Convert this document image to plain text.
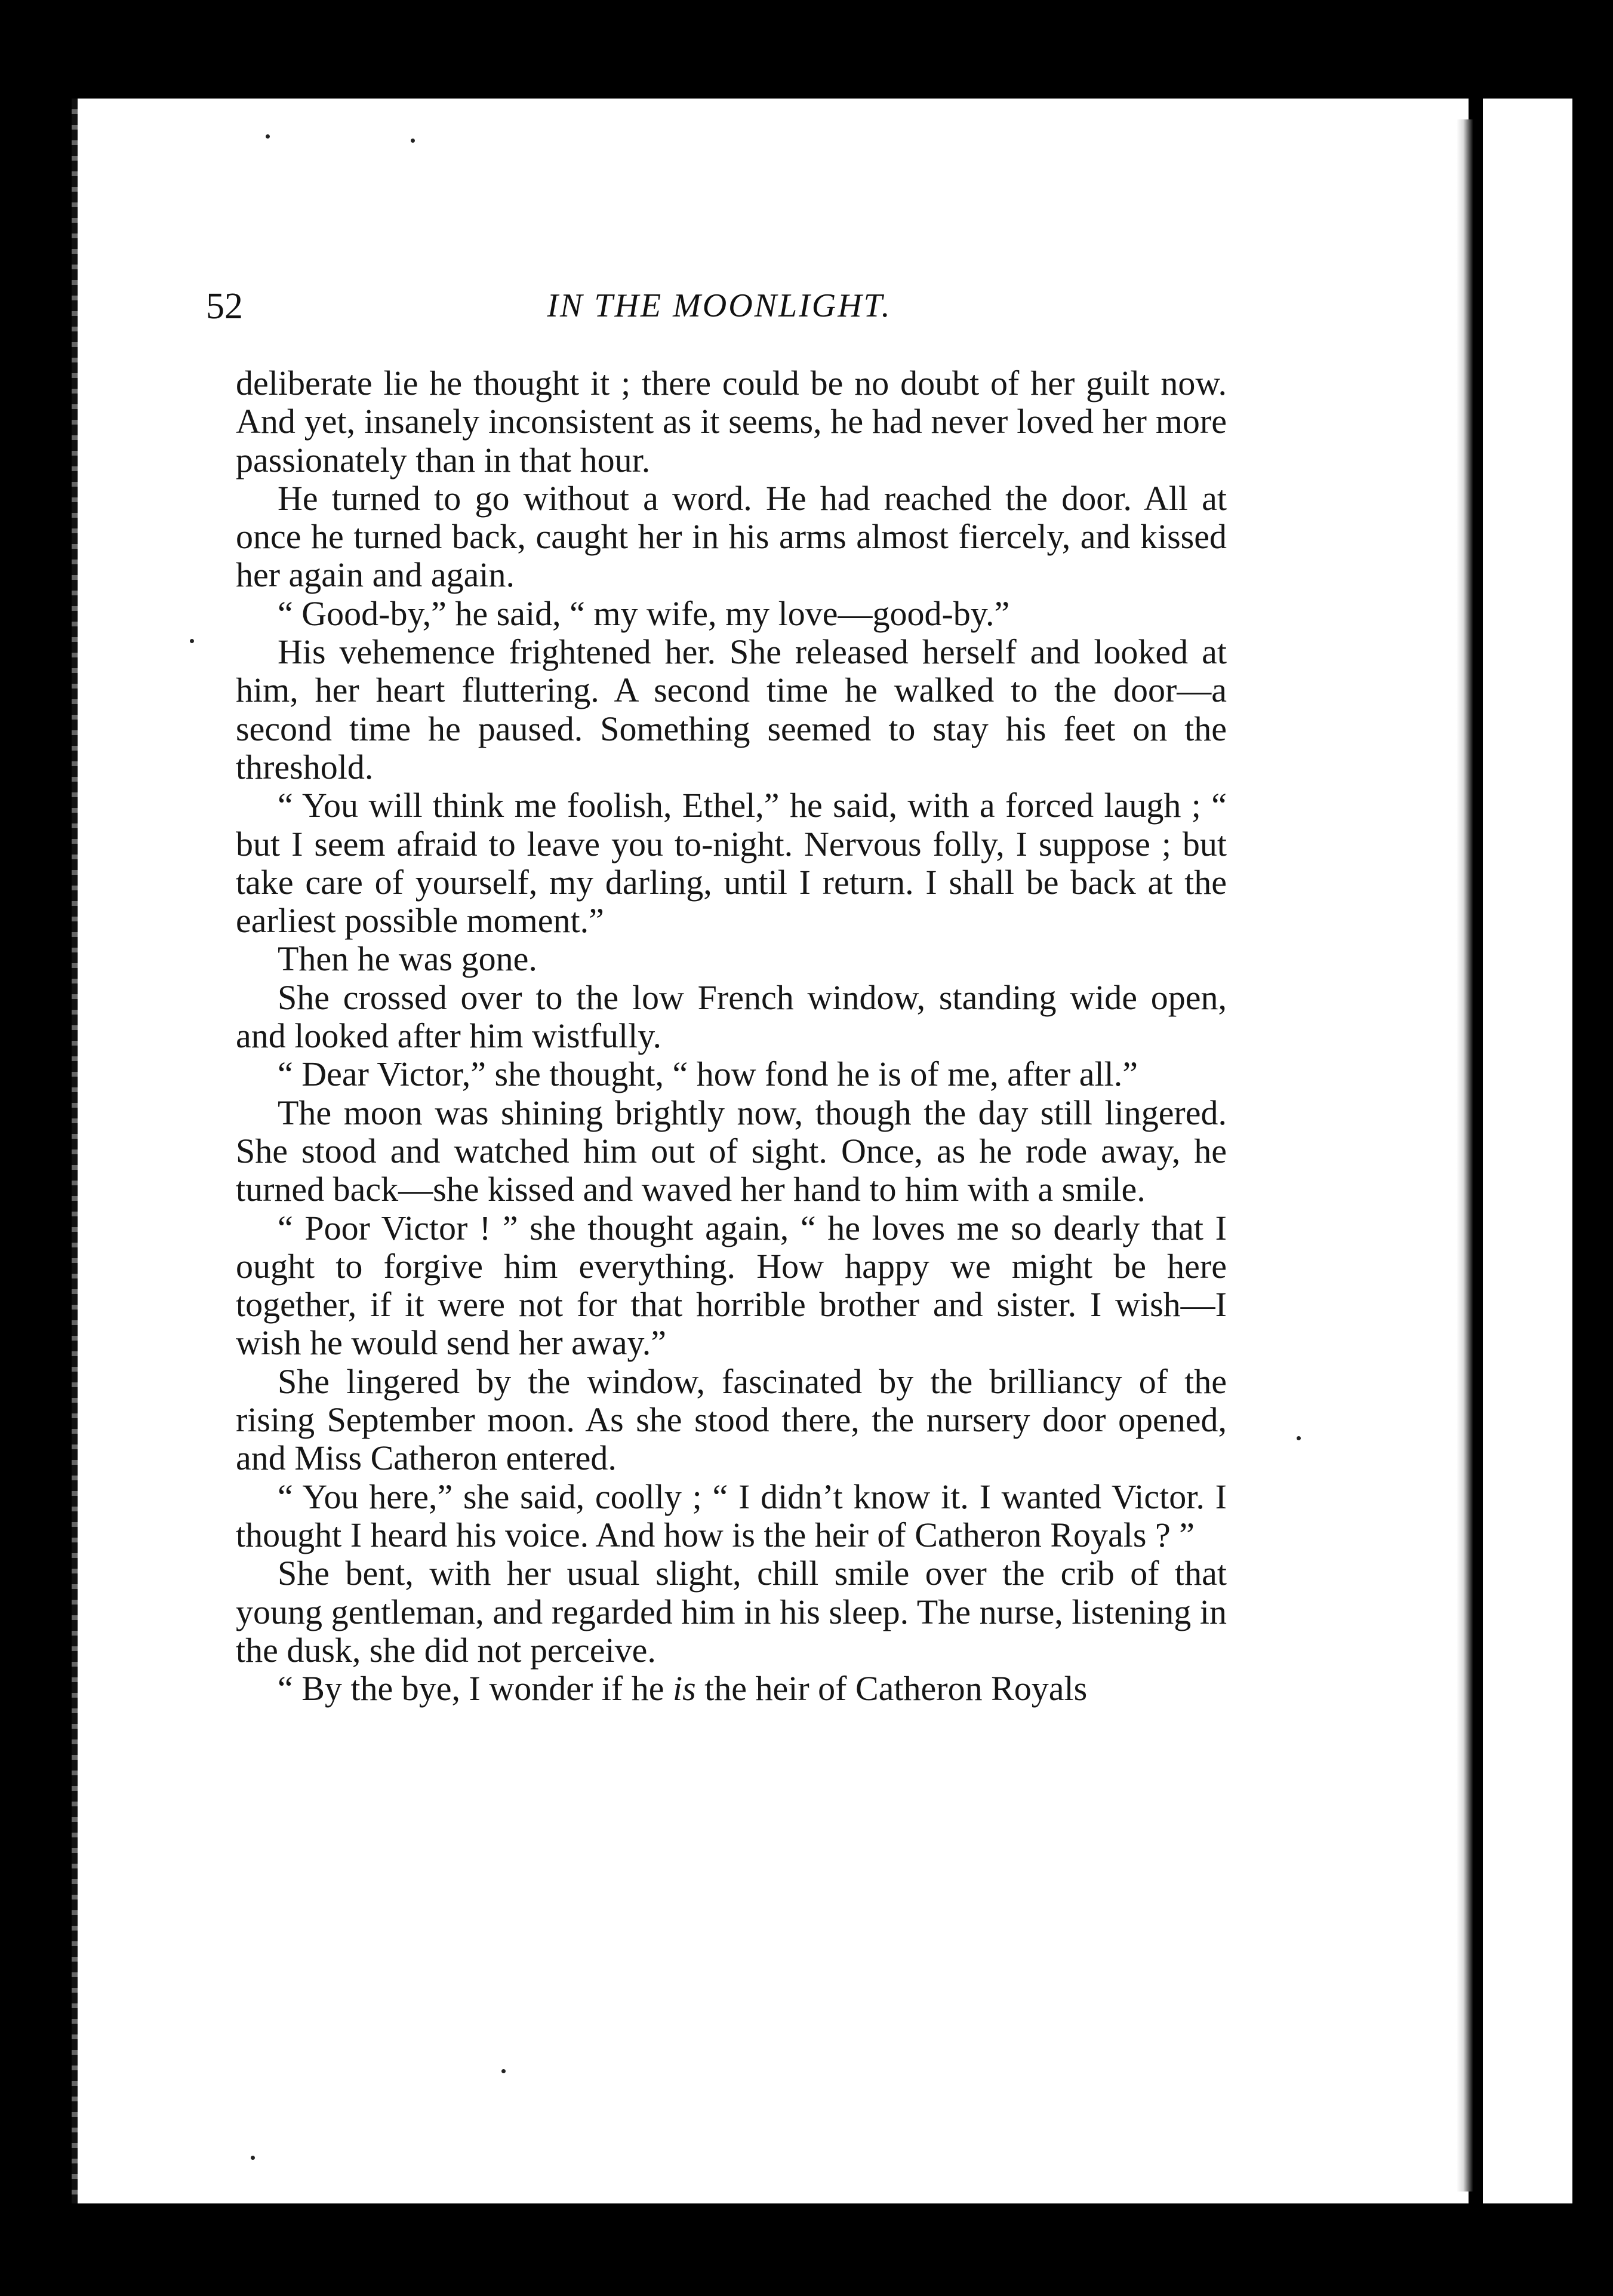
52	IN THE MOONLIGHT.

deliberate lie he thought it ; there could be no doubt of her guilt now. And yet, insanely inconsistent as it seems, he had never loved her more passionately than in that hour.

He turned to go without a word. He had reached the door. All at once he turned back, caught her in his arms almost fiercely, and kissed her again and again.

“ Good-by,” he said, “ my wife, my love—good-by.”

His vehemence frightened her. She released herself and looked at him, her heart fluttering. A second time he walked to the door—a second time he paused. Something seemed to stay his feet on the threshold.

“ You will think me foolish, Ethel,” he said, with a forced laugh ; “ but I seem afraid to leave you to-night. Nervous folly, I suppose ; but take care of yourself, my darling, until I return. I shall be back at the earliest possible moment.”

Then he was gone.

She crossed over to the low French window, standing wide open, and looked after him wistfully.

“ Dear Victor,” she thought, “ how fond he is of me, after all.”

The moon was shining brightly now, though the day still lingered. She stood and watched him out of sight. Once, as he rode away, he turned back—she kissed and waved her hand to him with a smile.

“ Poor Victor ! ” she thought again, “ he loves me so dearly that I ought to forgive him everything. How happy we might be here together, if it were not for that horrible brother and sister. I wish—I wish he would send her away.”

She lingered by the window, fascinated by the brilliancy of the rising September moon. As she stood there, the nursery door opened, and Miss Catheron entered.

“ You here,” she said, coolly ; “ I didn’t know it. I wanted Victor. I thought I heard his voice. And how is the heir of Catheron Royals ? ”

She bent, with her usual slight, chill smile over the crib of that young gentleman, and regarded him in his sleep. The nurse, listening in the dusk, she did not perceive.

“ By the bye, I wonder if he is the heir of Catheron Royals
